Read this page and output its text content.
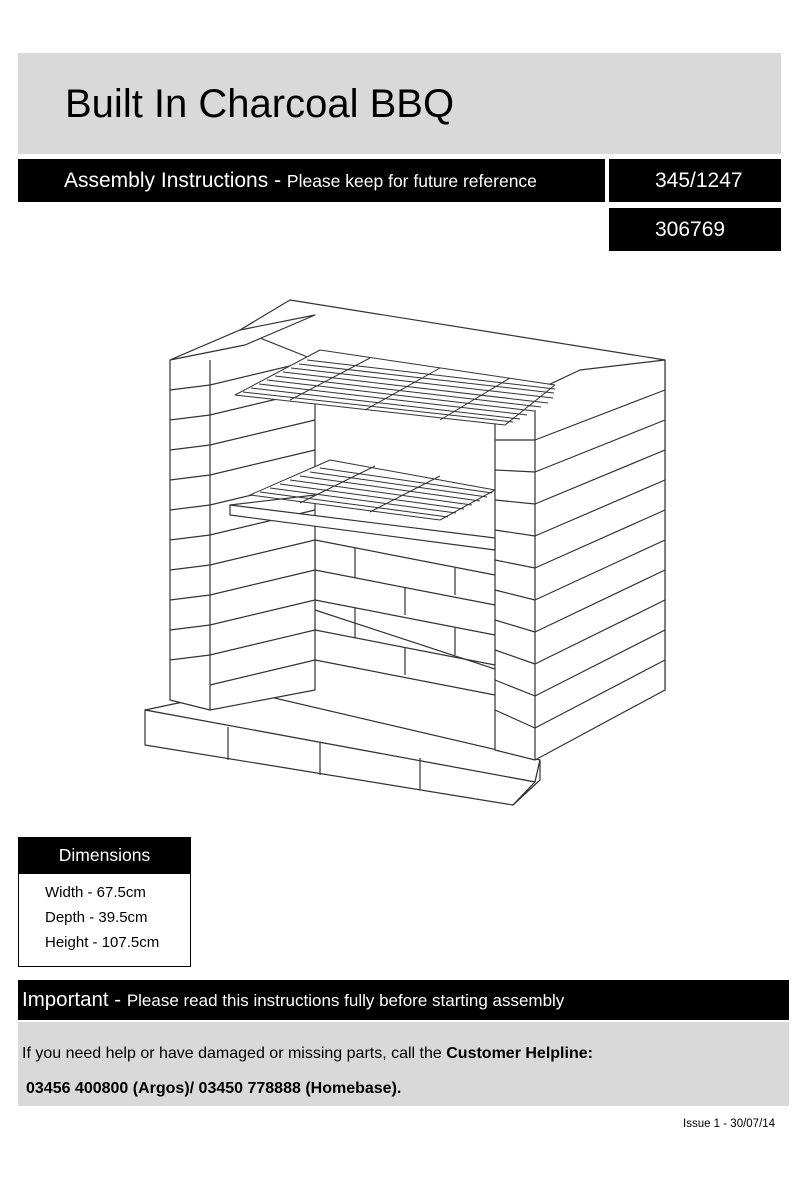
Built In Charcoal BBQ
Assembly Instructions - Please keep for future reference	345/1247
306769
Dimensions
Width - 67.5cm
Depth - 39.5cm
Height - 107.5cm
Important - Please read this instructions fully before starting assembly
If you need help or have damaged or missing parts, call the Customer Helpline:
03456 400800 (Argos)/ 03450 778888 (Homebase).
Issue 1 - 30/07/14
